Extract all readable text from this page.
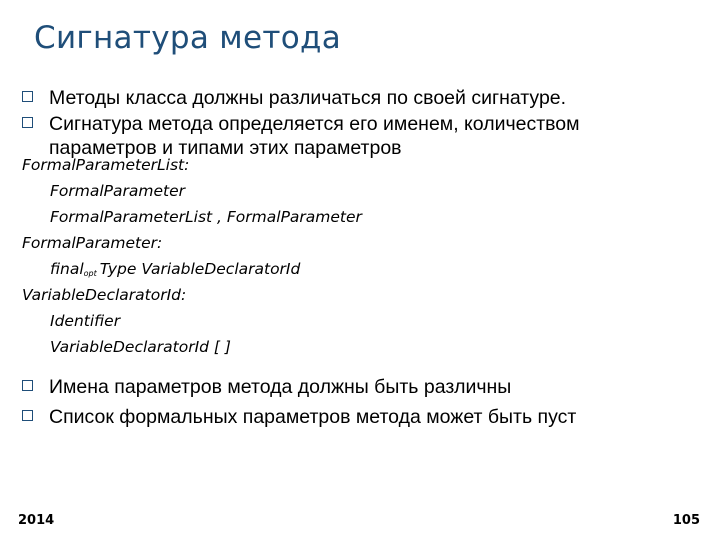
Сигнатура метода
Методы класса должны различаться по своей сигнатуре.
Сигнатура метода определяется его именем, количеством параметров и типами этих параметров
FormalParameterList:
FormalParameter
FormalParameterList , FormalParameter
FormalParameter:
final$_{opt}$ Type VariableDeclaratorId
VariableDeclaratorId:
Identifier
VariableDeclaratorId [ ]
Имена параметров метода должны быть различны
Список формальных параметров метода может быть пуст
2014	105
